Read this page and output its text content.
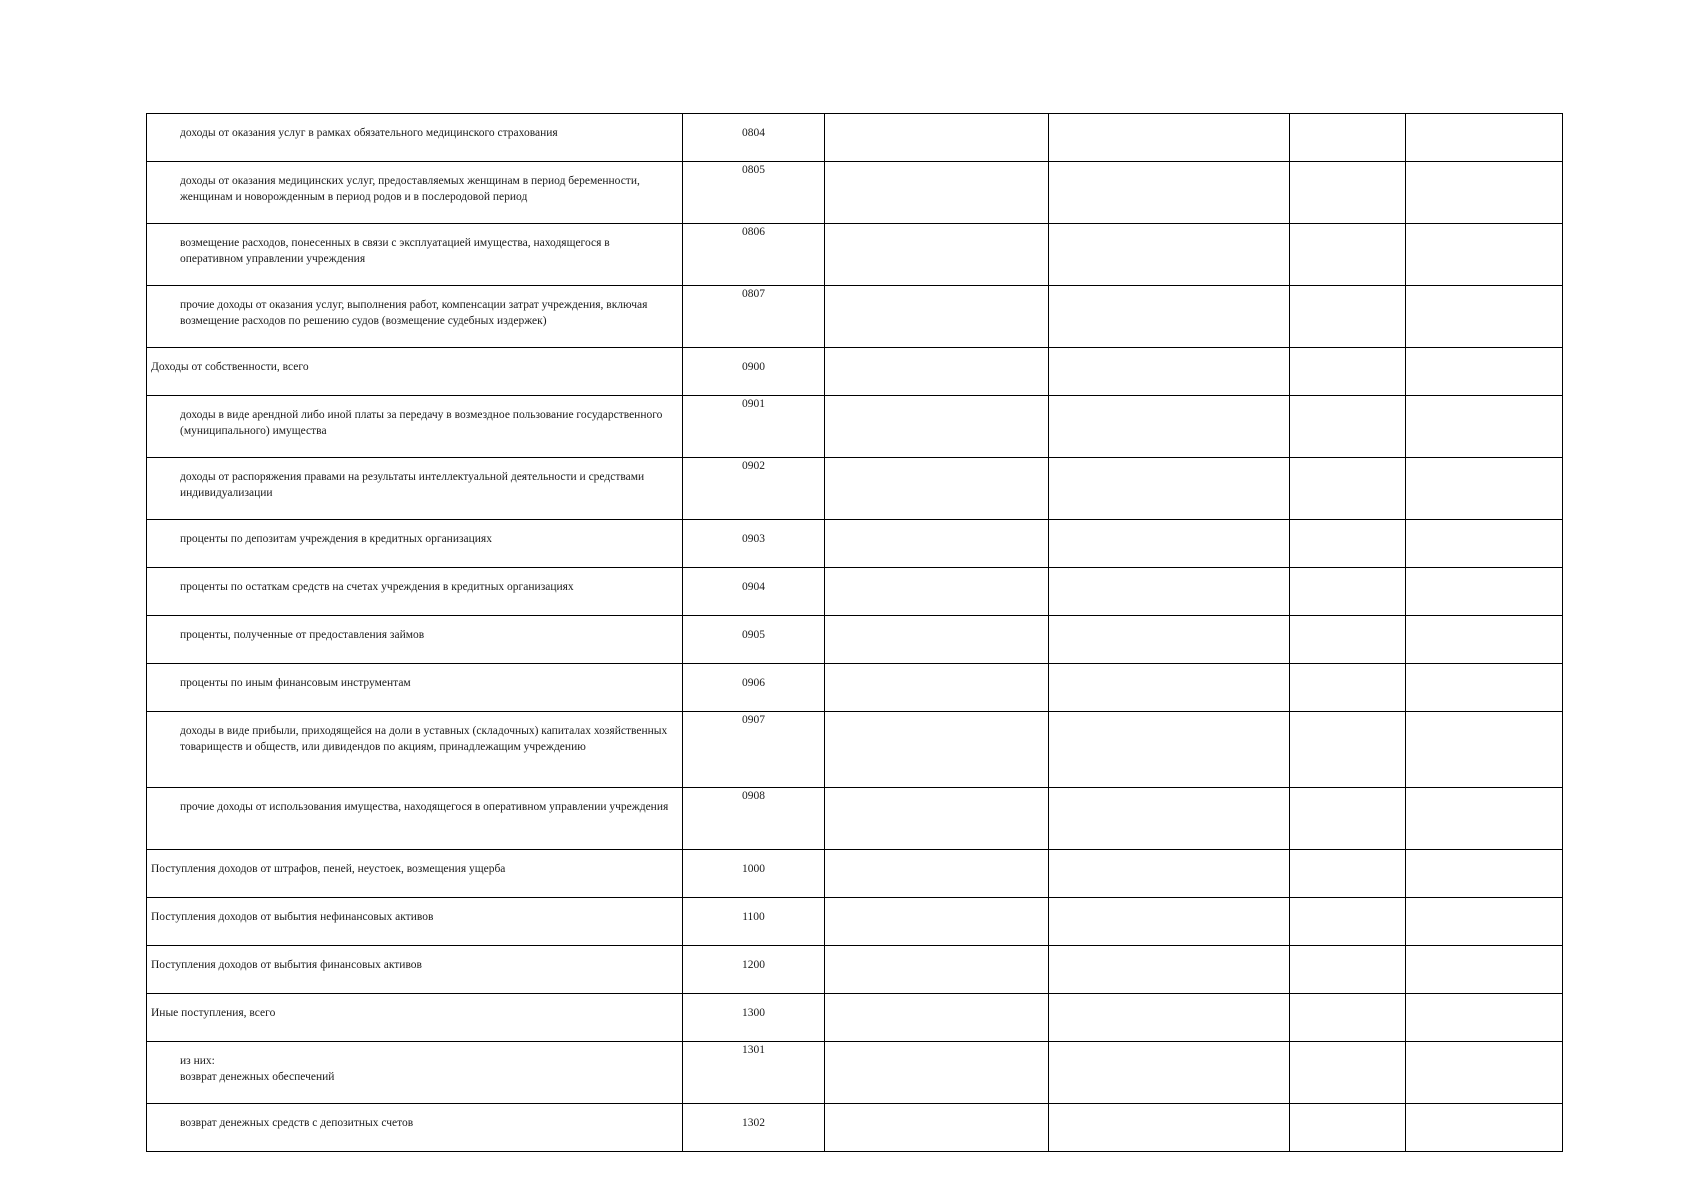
доходы от оказания услуг в рамках обязательного медицинского страхования	0804				
доходы от оказания медицинских услуг, предоставляемых женщинам в период беременности, женщинам и новорожденным в период родов и в послеродовой период	0805				
возмещение расходов, понесенных в связи с эксплуатацией имущества, находящегося в оперативном управлении учреждения	0806				
прочие доходы от оказания услуг, выполнения работ, компенсации затрат учреждения, включая возмещение расходов по решению судов (возмещение судебных издержек)	0807				
Доходы от собственности, всего	0900				
доходы в виде арендной либо иной платы за передачу в возмездное пользование государственного (муниципального) имущества	0901				
доходы от распоряжения правами на результаты интеллектуальной деятельности и средствами индивидуализации	0902				
проценты по депозитам учреждения в кредитных организациях	0903				
проценты по остаткам средств на счетах учреждения в кредитных организациях	0904				
проценты, полученные от предоставления займов	0905				
проценты по иным финансовым инструментам	0906				
доходы в виде прибыли, приходящейся на доли в уставных (складочных) капиталах хозяйственных товариществ и обществ, или дивидендов по акциям, принадлежащим учреждению	0907				
прочие доходы от использования имущества, находящегося в оперативном управлении учреждения	0908				
Поступления доходов от штрафов, пеней, неустоек, возмещения ущерба	1000				
Поступления доходов от выбытия нефинансовых активов	1100				
Поступления доходов от выбытия финансовых активов	1200				
Иные поступления, всего	1300				
из них:
возврат денежных обеспечений	1301				
возврат денежных средств с депозитных счетов	1302				
